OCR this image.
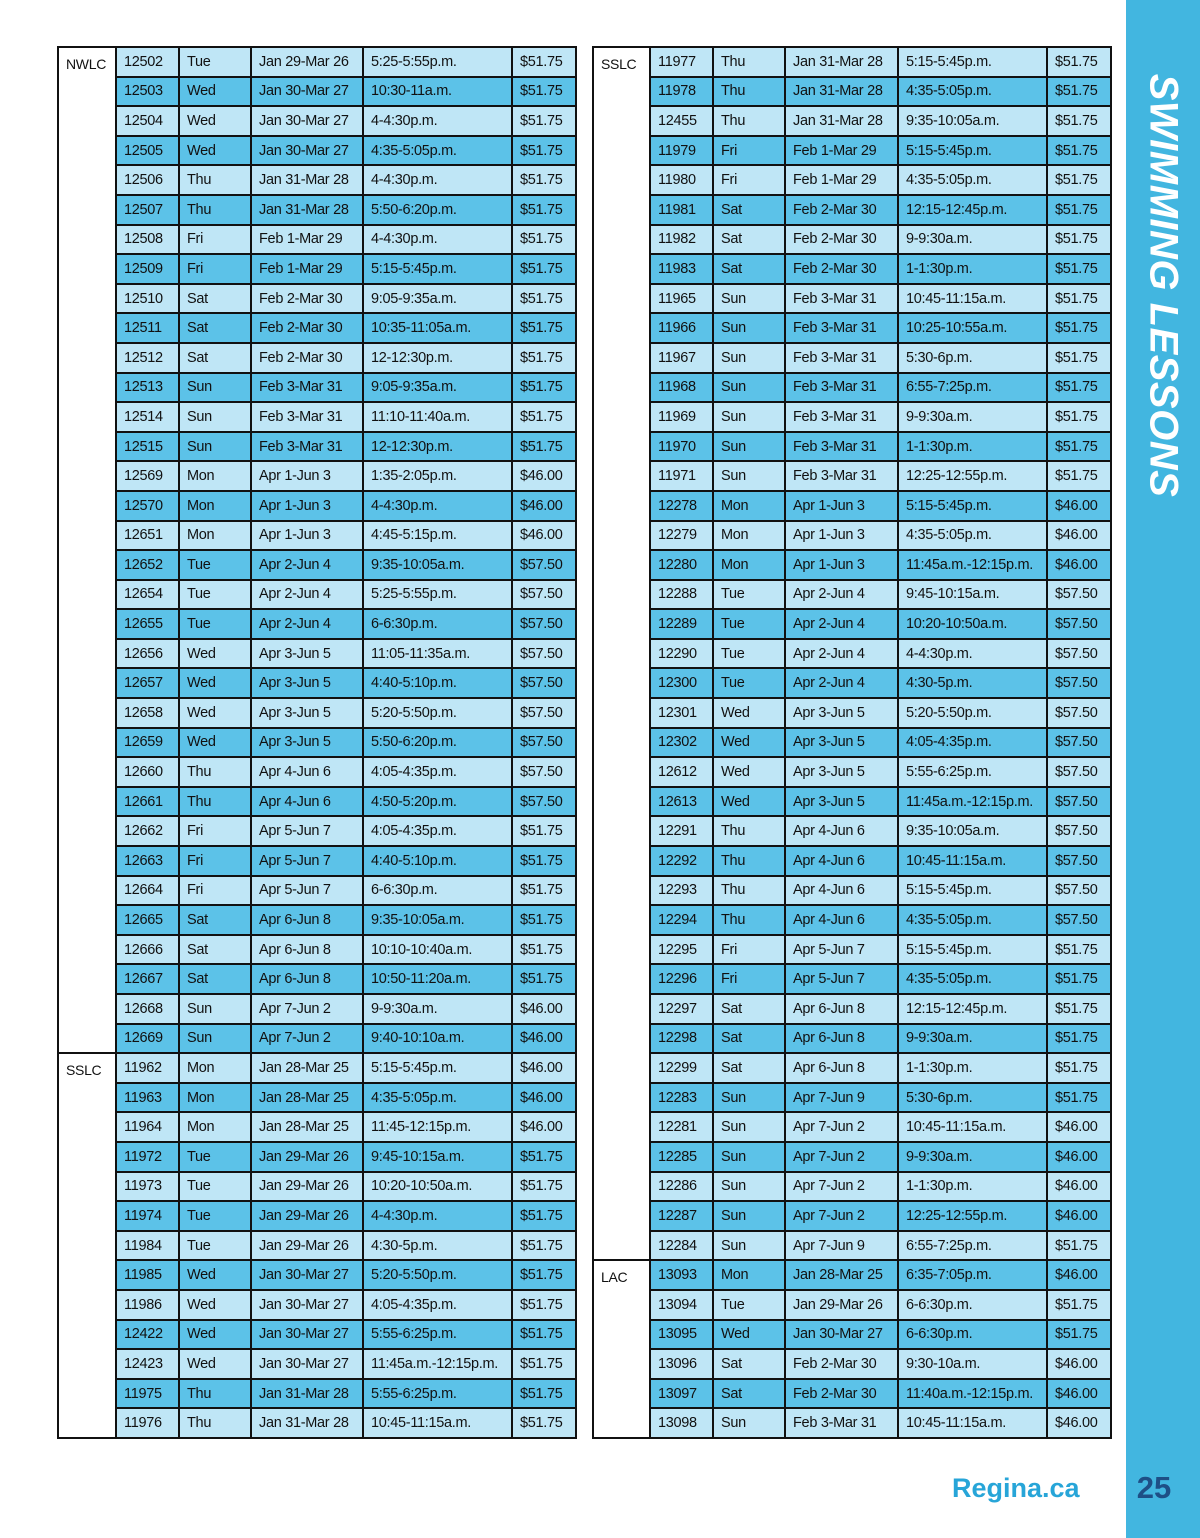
SWIMMING LESSONS
NWLC	12502	Tue	Jan 29-Mar 26	5:25-5:55p.m.	$51.75
	12503	Wed	Jan 30-Mar 27	10:30-11a.m.	$51.75
	12504	Wed	Jan 30-Mar 27	4-4:30p.m.	$51.75
	12505	Wed	Jan 30-Mar 27	4:35-5:05p.m.	$51.75
	12506	Thu	Jan 31-Mar 28	4-4:30p.m.	$51.75
	12507	Thu	Jan 31-Mar 28	5:50-6:20p.m.	$51.75
	12508	Fri	Feb 1-Mar 29	4-4:30p.m.	$51.75
	12509	Fri	Feb 1-Mar 29	5:15-5:45p.m.	$51.75
	12510	Sat	Feb 2-Mar 30	9:05-9:35a.m.	$51.75
	12511	Sat	Feb 2-Mar 30	10:35-11:05a.m.	$51.75
	12512	Sat	Feb 2-Mar 30	12-12:30p.m.	$51.75
	12513	Sun	Feb 3-Mar 31	9:05-9:35a.m.	$51.75
	12514	Sun	Feb 3-Mar 31	11:10-11:40a.m.	$51.75
	12515	Sun	Feb 3-Mar 31	12-12:30p.m.	$51.75
	12569	Mon	Apr 1-Jun 3	1:35-2:05p.m.	$46.00
	12570	Mon	Apr 1-Jun 3	4-4:30p.m.	$46.00
	12651	Mon	Apr 1-Jun 3	4:45-5:15p.m.	$46.00
	12652	Tue	Apr 2-Jun 4	9:35-10:05a.m.	$57.50
	12654	Tue	Apr 2-Jun 4	5:25-5:55p.m.	$57.50
	12655	Tue	Apr 2-Jun 4	6-6:30p.m.	$57.50
	12656	Wed	Apr 3-Jun 5	11:05-11:35a.m.	$57.50
	12657	Wed	Apr 3-Jun 5	4:40-5:10p.m.	$57.50
	12658	Wed	Apr 3-Jun 5	5:20-5:50p.m.	$57.50
	12659	Wed	Apr 3-Jun 5	5:50-6:20p.m.	$57.50
	12660	Thu	Apr 4-Jun 6	4:05-4:35p.m.	$57.50
	12661	Thu	Apr 4-Jun 6	4:50-5:20p.m.	$57.50
	12662	Fri	Apr 5-Jun 7	4:05-4:35p.m.	$51.75
	12663	Fri	Apr 5-Jun 7	4:40-5:10p.m.	$51.75
	12664	Fri	Apr 5-Jun 7	6-6:30p.m.	$51.75
	12665	Sat	Apr 6-Jun 8	9:35-10:05a.m.	$51.75
	12666	Sat	Apr 6-Jun 8	10:10-10:40a.m.	$51.75
	12667	Sat	Apr 6-Jun 8	10:50-11:20a.m.	$51.75
	12668	Sun	Apr 7-Jun 2	9-9:30a.m.	$46.00
	12669	Sun	Apr 7-Jun 2	9:40-10:10a.m.	$46.00
SSLC	11962	Mon	Jan 28-Mar 25	5:15-5:45p.m.	$46.00
	11963	Mon	Jan 28-Mar 25	4:35-5:05p.m.	$46.00
	11964	Mon	Jan 28-Mar 25	11:45-12:15p.m.	$46.00
	11972	Tue	Jan 29-Mar 26	9:45-10:15a.m.	$51.75
	11973	Tue	Jan 29-Mar 26	10:20-10:50a.m.	$51.75
	11974	Tue	Jan 29-Mar 26	4-4:30p.m.	$51.75
	11984	Tue	Jan 29-Mar 26	4:30-5p.m.	$51.75
	11985	Wed	Jan 30-Mar 27	5:20-5:50p.m.	$51.75
	11986	Wed	Jan 30-Mar 27	4:05-4:35p.m.	$51.75
	12422	Wed	Jan 30-Mar 27	5:55-6:25p.m.	$51.75
	12423	Wed	Jan 30-Mar 27	11:45a.m.-12:15p.m.	$51.75
	11975	Thu	Jan 31-Mar 28	5:55-6:25p.m.	$51.75
	11976	Thu	Jan 31-Mar 28	10:45-11:15a.m.	$51.75
SSLC	11977	Thu	Jan 31-Mar 28	5:15-5:45p.m.	$51.75
	11978	Thu	Jan 31-Mar 28	4:35-5:05p.m.	$51.75
	12455	Thu	Jan 31-Mar 28	9:35-10:05a.m.	$51.75
	11979	Fri	Feb 1-Mar 29	5:15-5:45p.m.	$51.75
	11980	Fri	Feb 1-Mar 29	4:35-5:05p.m.	$51.75
	11981	Sat	Feb 2-Mar 30	12:15-12:45p.m.	$51.75
	11982	Sat	Feb 2-Mar 30	9-9:30a.m.	$51.75
	11983	Sat	Feb 2-Mar 30	1-1:30p.m.	$51.75
	11965	Sun	Feb 3-Mar 31	10:45-11:15a.m.	$51.75
	11966	Sun	Feb 3-Mar 31	10:25-10:55a.m.	$51.75
	11967	Sun	Feb 3-Mar 31	5:30-6p.m.	$51.75
	11968	Sun	Feb 3-Mar 31	6:55-7:25p.m.	$51.75
	11969	Sun	Feb 3-Mar 31	9-9:30a.m.	$51.75
	11970	Sun	Feb 3-Mar 31	1-1:30p.m.	$51.75
	11971	Sun	Feb 3-Mar 31	12:25-12:55p.m.	$51.75
	12278	Mon	Apr 1-Jun 3	5:15-5:45p.m.	$46.00
	12279	Mon	Apr 1-Jun 3	4:35-5:05p.m.	$46.00
	12280	Mon	Apr 1-Jun 3	11:45a.m.-12:15p.m.	$46.00
	12288	Tue	Apr 2-Jun 4	9:45-10:15a.m.	$57.50
	12289	Tue	Apr 2-Jun 4	10:20-10:50a.m.	$57.50
	12290	Tue	Apr 2-Jun 4	4-4:30p.m.	$57.50
	12300	Tue	Apr 2-Jun 4	4:30-5p.m.	$57.50
	12301	Wed	Apr 3-Jun 5	5:20-5:50p.m.	$57.50
	12302	Wed	Apr 3-Jun 5	4:05-4:35p.m.	$57.50
	12612	Wed	Apr 3-Jun 5	5:55-6:25p.m.	$57.50
	12613	Wed	Apr 3-Jun 5	11:45a.m.-12:15p.m.	$57.50
	12291	Thu	Apr 4-Jun 6	9:35-10:05a.m.	$57.50
	12292	Thu	Apr 4-Jun 6	10:45-11:15a.m.	$57.50
	12293	Thu	Apr 4-Jun 6	5:15-5:45p.m.	$57.50
	12294	Thu	Apr 4-Jun 6	4:35-5:05p.m.	$57.50
	12295	Fri	Apr 5-Jun 7	5:15-5:45p.m.	$51.75
	12296	Fri	Apr 5-Jun 7	4:35-5:05p.m.	$51.75
	12297	Sat	Apr 6-Jun 8	12:15-12:45p.m.	$51.75
	12298	Sat	Apr 6-Jun 8	9-9:30a.m.	$51.75
	12299	Sat	Apr 6-Jun 8	1-1:30p.m.	$51.75
	12283	Sun	Apr 7-Jun 9	5:30-6p.m.	$51.75
	12281	Sun	Apr 7-Jun 2	10:45-11:15a.m.	$46.00
	12285	Sun	Apr 7-Jun 2	9-9:30a.m.	$46.00
	12286	Sun	Apr 7-Jun 2	1-1:30p.m.	$46.00
	12287	Sun	Apr 7-Jun 2	12:25-12:55p.m.	$46.00
	12284	Sun	Apr 7-Jun 9	6:55-7:25p.m.	$51.75
LAC	13093	Mon	Jan 28-Mar 25	6:35-7:05p.m.	$46.00
	13094	Tue	Jan 29-Mar 26	6-6:30p.m.	$51.75
	13095	Wed	Jan 30-Mar 27	6-6:30p.m.	$51.75
	13096	Sat	Feb 2-Mar 30	9:30-10a.m.	$46.00
	13097	Sat	Feb 2-Mar 30	11:40a.m.-12:15p.m.	$46.00
	13098	Sun	Feb 3-Mar 31	10:45-11:15a.m.	$46.00
Regina.ca	25
